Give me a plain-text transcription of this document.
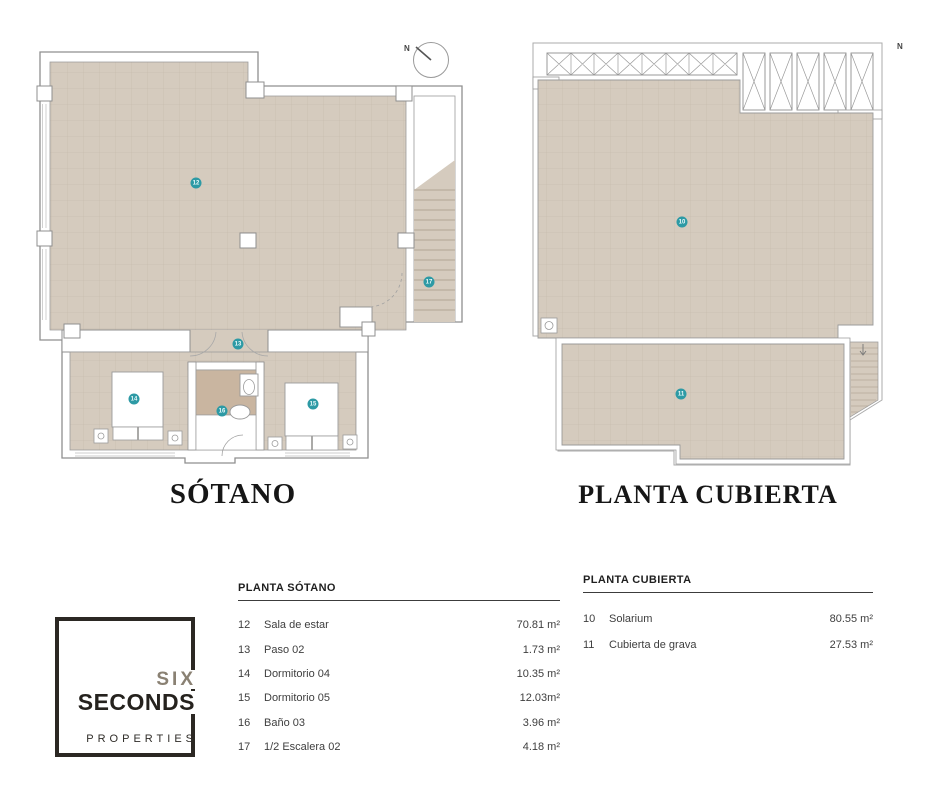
N	N
12
13
14
15
16
17
10
11
SÓTANO	PLANTA CUBIERTA
PLANTA SÓTANO
12	Sala de estar	70.81 m²
13	Paso 02	1.73 m²
14	Dormitorio 04	10.35 m²
15	Dormitorio 05	12.03m²
16	Baño 03	3.96 m²
17	1/2 Escalera 02	4.18 m²
PLANTA CUBIERTA
10	Solarium	80.55 m²
11	Cubierta de grava	27.53 m²
SIX
SECONDS
PROPERTIES
